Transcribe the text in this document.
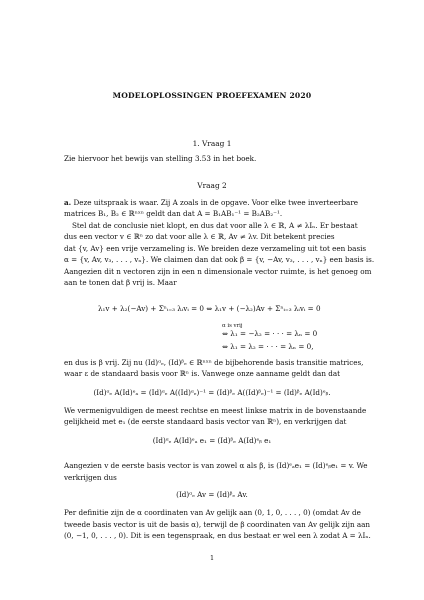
MODELOPLOSSINGEN PROEFEXAMEN 2020
1. Vraag 1
Zie hiervoor het bewijs van stelling 3.53 in het boek.
Vraag 2
a. Deze uitspraak is waar. Zij A zoals in de opgave. Voor elke twee inverteerbare
matrices B₁, B₂ ∈ ℝⁿˣⁿ geldt dan dat A = B₁AB₁⁻¹ = B₂AB₂⁻¹.
Stel dat de conclusie niet klopt, en dus dat voor alle λ ∈ ℝ, A ≠ λIₙ. Er bestaat
dus een vector v ∈ ℝⁿ zo dat voor alle λ ∈ ℝ, Av ≠ λv. Dit betekent precies
dat {v, Av} een vrije verzameling is. We breiden deze verzameling uit tot een basis
α = {v, Av, v₃, . . . , vₙ}. We claimen dan dat ook β = {v, −Av, v₃, . . . , vₙ} een basis is.
Aangezien dit n vectoren zijn in een n dimensionale vector ruimte, is het genoeg om
aan te tonen dat β vrij is. Maar
λ₁v + λ₂(−Av) + Σⁿᵢ₌₃ λᵢvᵢ = 0 ⇔ λ₁v + (−λ₂)Av + Σⁿᵢ₌₃ λᵢvᵢ = 0
α is vrij
⇔ λ₁ = −λ₂ = · · · = λₙ = 0
⇔ λ₁ = λ₂ = · · · = λₙ = 0,
en dus is β vrij. Zij nu (Id)ᵅₑ, (Id)ᵝₑ ∈ ℝⁿˣⁿ de bijbehorende basis transitie matrices,
waar ε de standaard basis voor ℝⁿ is. Vanwege onze aanname geldt dan dat
(Id)ᵅₑ A(Id)ᵉₐ = (Id)ᵅₑ A((Id)ᵅₑ)⁻¹ = (Id)ᵝₑ A((Id)ᵝₑ)⁻¹ = (Id)ᵝₑ A(Id)ᵉᵦ.
We vermenigvuldigen de meest rechtse en meest linkse matrix in de bovenstaande
gelijkheid met e₁ (de eerste standaard basis vector van ℝⁿ), en verkrijgen dat
(Id)ᵅₑ A(Id)ᵉₐ e₁ = (Id)ᵝₑ A(Id)ᵉᵦ e₁
Aangezien v de eerste basis vector is van zowel α als β, is (Id)ᵉₐe₁ = (Id)ᵉᵦe₁ = v. We
verkrijgen dus
(Id)ᵅₑ Av = (Id)ᵝₑ Av.
Per definitie zijn de α coordinaten van Av gelijk aan (0, 1, 0, . . . , 0) (omdat Av de
tweede basis vector is uit de basis α), terwijl de β coordinaten van Av gelijk zijn aan
(0, −1, 0, . . . , 0). Dit is een tegenspraak, en dus bestaat er wel een λ zodat A = λIₙ.
1
